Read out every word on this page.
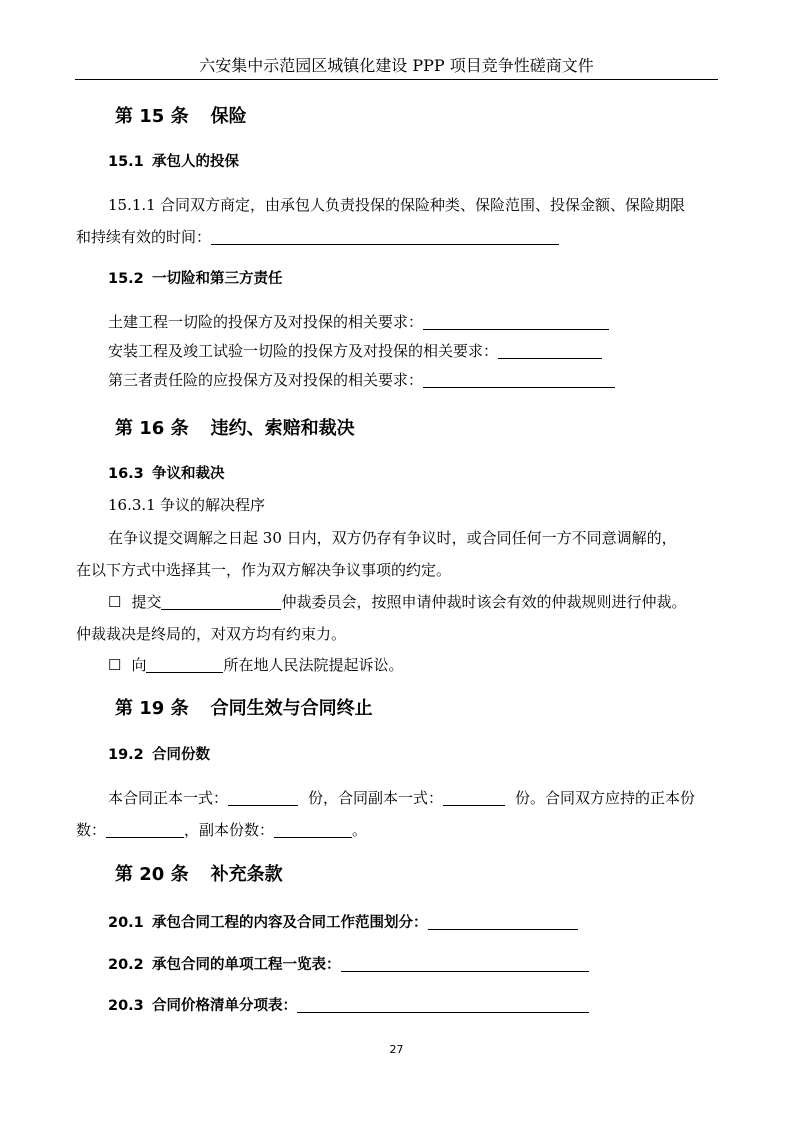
六安集中示范园区城镇化建设 PPP 项目竞争性磋商文件
第 15 条 保险
15.1 承包人的投保
15.1.1 合同双方商定，由承包人负责投保的保险种类、保险范围、投保金额、保险期限
和持续有效的时间：
15.2 一切险和第三方责任
土建工程一切险的投保方及对投保的相关要求：
安装工程及竣工试验一切险的投保方及对投保的相关要求：
第三者责任险的应投保方及对投保的相关要求：
第 16 条 违约、索赔和裁决
16.3 争议和裁决
16.3.1 争议的解决程序
在争议提交调解之日起 30 日内，双方仍存有争议时，或合同任何一方不同意调解的，
在以下方式中选择其一，作为双方解决争议事项的约定。
☐ 提交	仲裁委员会，按照申请仲裁时该会有效的仲裁规则进行仲裁。
仲裁裁决是终局的，对双方均有约束力。
☐ 向	所在地人民法院提起诉讼。
第 19 条 合同生效与合同终止
19.2 合同份数
本合同正本一式：	份，合同副本一式：	份。合同双方应持的正本份
数：	，副本份数：	。
第 20 条 补充条款
20.1 承包合同工程的内容及合同工作范围划分：
20.2 承包合同的单项工程一览表：
20.3 合同价格清单分项表：
27
